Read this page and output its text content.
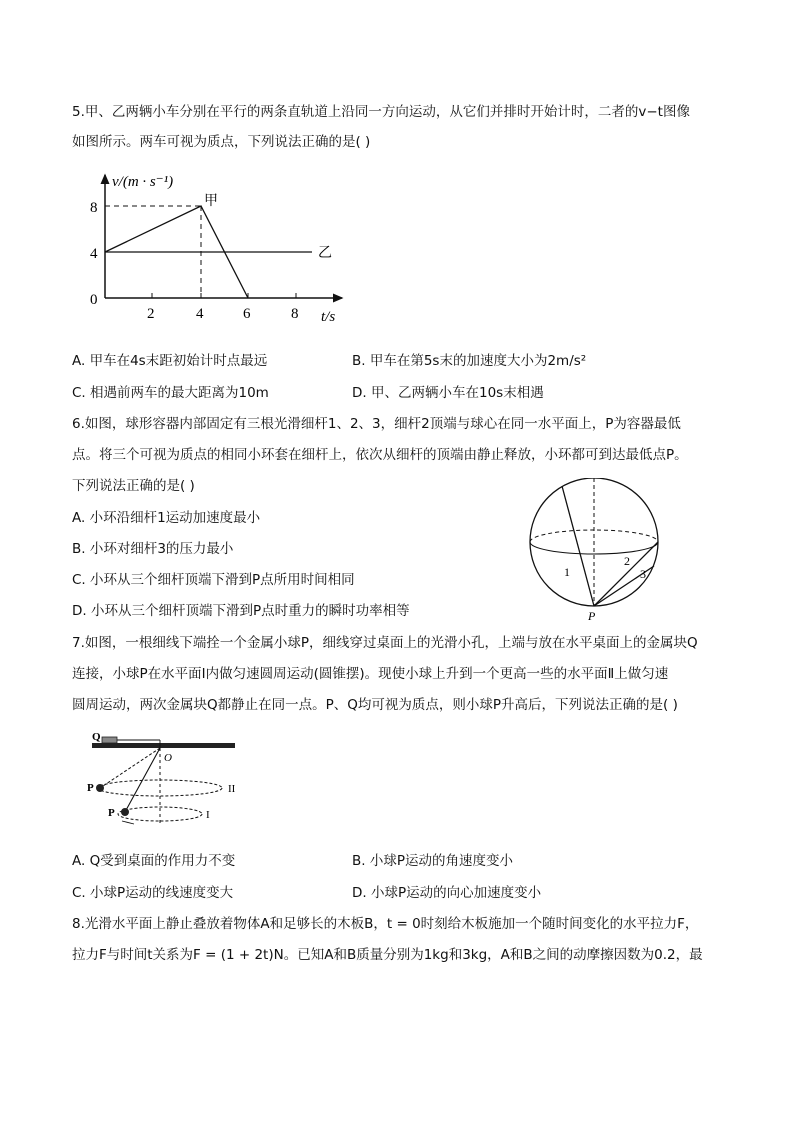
5.甲、乙两辆小车分别在平行的两条直轨道上沿同一方向运动，从它们并排时开始计时，二者的v−t图像
如图所示。两车可视为质点，下列说法正确的是( )
v/(m · s⁻¹)
t/s
8
4
0
2	4	6	8
甲
乙
A. 甲车在4s末距初始计时点最远	B. 甲车在第5s末的加速度大小为2m/s²
C. 相遇前两车的最大距离为10m	D. 甲、乙两辆小车在10s末相遇
6.如图，球形容器内部固定有三根光滑细杆1、2、3，细杆2顶端与球心在同一水平面上，P为容器最低
点。将三个可视为质点的相同小环套在细杆上，依次从细杆的顶端由静止释放，小环都可到达最低点P。
下列说法正确的是( )
A. 小环沿细杆1运动加速度最小
B. 小环对细杆3的压力最小
C. 小环从三个细杆顶端下滑到P点所用时间相同
D. 小环从三个细杆顶端下滑到P点时重力的瞬时功率相等
1
2
3
P
7.如图，一根细线下端拴一个金属小球P，细线穿过桌面上的光滑小孔，上端与放在水平桌面上的金属块Q
连接，小球P在水平面Ⅰ内做匀速圆周运动(圆锥摆)。现使小球上升到一个更高一些的水平面Ⅱ上做匀速
圆周运动，两次金属块Q都静止在同一点。P、Q均可视为质点，则小球P升高后，下列说法正确的是( )
Q
O
P
P
II
I
A. Q受到桌面的作用力不变	B. 小球P运动的角速度变小
C. 小球P运动的线速度变大	D. 小球P运动的向心加速度变小
8.光滑水平面上静止叠放着物体A和足够长的木板B，t = 0时刻给木板施加一个随时间变化的水平拉力F，
拉力F与时间t关系为F = (1 + 2t)N。已知A和B质量分别为1kg和3kg，A和B之间的动摩擦因数为0.2，最
